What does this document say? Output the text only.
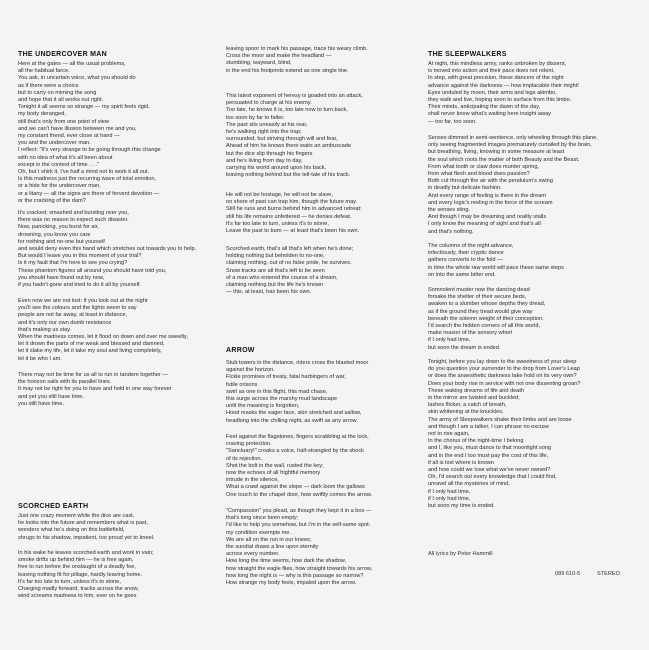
THE UNDERCOVER MAN
Here at the gates — all the usual problems,
all the habitual farce.
You ask, in uncertain voice, what you should do
as if there were a choice
but to carry on miming the song
and hope that it all works out right.
Tonight it all seems so strange — my spirit feels rigid,
my body deranged,
still that's only from one point of view
and we can't have illusion between me and you,
my constant friend, ever close at hand —
you and the undercover man.
I reflect: "It's very strange to be going through this change
with no idea of what it's all been about
except in the context of time . . ."
Oh, but I shirk it, I've half a mind not to work it all out.
Is this madness just the recurring wave of total emotion,
or a hide for the undercover man,
or a litany — all the signs are there of fervent devotion —
or the cracking of the dam?
It's cracked; smashed and bursting over you,
there was no reason to expect such disaster.
Now, panicking, you burst for air,
drowning, you know you care
for nothing and no-one but yourself
and would deny even this hand which stretches out towards you to help.
But would I leave you in this moment of your trial?
Is it my fault that I'm here to see you crying?
These phantom figures all around you should have told you,
you should have found out by now,
if you hadn't gone and tried to do it all by yourself.
Even now we are not lost: if you look out at the night
you'll see the colours and the lights seem to say
people are not far away, at least in distance,
and it's only our own dumb resistance
that's making us stay.
When the madness comes, let it flood on down and over me sweetly,
let it drown the parts of me weak and blessed and damned,
let it slake my life, let it take my soul and living completely,
let it be who I am.
There may not be time for us all to run in tandem together —
the horizon sails with its parallel lines.
It may not be right for you to have and hold in one way forever
and yet you still have time,
you still have time.
SCORCHED EARTH
Just one crazy moment while the dice are cast,
he looks into the future and remembers what is past,
wonders what he's doing on this battlefield,
shrugs to his shadow, impatient, too proud yet to kneel.
In his wake he leaves scorched earth and work in vain;
smoke drifts up behind him — he is free again,
free to run before the onslaught of a deadly foe,
leaving nothing fit for pillage, hardly leaving home.
It's far too late to turn, unless it's to stone,
Charging madly forward, tracks across the snow,
wind screams madness to him, ever on he goes
leaving spoor to mark his passage, trace his weary climb.
Cross the moor and make the headland —
stumbling, wayward, blind,
in the end his footprints extend as one single line.
This latest exponent of heresy is goaded into an attack,
persuaded to charge at his enemy.
Too late, he knows it is, too late now to turn back,
too soon by far to falter.
The past sits uneasily at his rear,
he's walking right into the trap;
surrounded, but striving through will and fear,
Ahead of him he knows there waits an ambuscade
but the dice slip through his fingers
and he's living from day to day,
carrying his world around upon his back,
leaving nothing behind but the tell-tale of his track.
He will not be hostage, he will not be slave,
no shore of past can trap him, though the future may.
Still he runs and burns behind him in advanced retreat:
still his life remains unfettered — he denies defeat.
It's far too late to turn, unless it's to stone,
Leave the past to burn — at least that's been his own.
Scorched earth, that's all that's left when he's done;
holding nothing but beholden to no-one,
claiming nothing, out of no false pride, he survives.
Snow tracks are all that's left to be seen
of a man who entered the course of a dream,
claiming nothing but the life he's known
— this, at least, has been his own.
ARROW
Stub towers in the distance, riders cross the blasted moor
against the horizon.
Fickle promises of treaty, fatal harbingers of war,
futile orisons
swirl as one in this flight, this mad chase,
this surge across the marshy mud landscape
until the meaning is forgotten,
Hood masks the eager face, skin stretched and sallow,
headlong into the chilling night, as swift as any arrow.
Feet against the flagstones, fingers scrabbling at the lock,
craving protection.
"Sanctuary!" croaks a voice, half-strangled by the shock
of its rejection.
Shot the bolt in the wall, rusted the key;
now the echoes of all frightful memory
intrude in the silence,
What a crawl against the slope — dark loom the gallows
One touch to the chapel door, how swiftly comes the arrow.
"Compassion" you plead, as though they kept it in a box —
that's long since been empty;
I'd like to help you somehow, but I'm in the self-same spot:
my condition exempts me.
We are all on the run in our knees;
the sundial draws a line upon eternity
across every number.
How long the time seems, how dark the shadow,
how straight the eagle flies, how straight towards his arrow,
how long the night is — why is this passage so narrow?
How strange my body feels, impaled upon the arrow.
THE SLEEPWALKERS
At night, this mindless army, ranks unbroken by dissent,
is moved into action and their pace does not relent.
In step, with great precision, these dancers of the night
advance against the darkness — how implacable their might!
Eyes unduled by moon, their arms and legs akimbo,
they walk and live, hoping soon to surface from this limbo.
Their minds, anticipating the dawn of the day,
shall never know what's waiting here insight away
— too far, too soon.
Senses dimmed in semi-sentience, only wheeling through this plane,
only seeing fragmented images prematurely curtailed by the brain,
but breathing, living, knowing in some measure at least
the soul which roots the matter of both Beauty and the Beast.
From what tooth or claw does murder spring,
from what flesh and blood does passion?
Both cut through the air with the pendulum's swing
in deadly but delicate fashion.
And every range of feeling is there in the dream
and every logic's reeling in the force of the scream
the senses sting.
And though I may be dreaming and reality stalls
I only know the meaning of sight and that's all
and that's nothing.
The columns of the night advance,
infectiously, their cryptic dance
gathers converts to the fold —
in time the whole raw world will pace these same steps
on into the same bitter end.
Somnolent muster now the dancing dead
forsake the shelter of their secure beds,
awaken to a slumber whose depths they dread,
as if the ground they tread would give way
beneath the solemn weight of their conception.
I'd search the hidden corners of all this world,
make reason of the sensory whorl
if I only had time,
but soon the dream is ended.
Tonight, before you lay down to the sweetness of your sleep
do you question your surrender to the drop from Lover's Leap
or does the anaesthetic darkness take hold on its very own?
Does your body rise in service with not one dissenting groan?
These waking dreams of life and death
in the mirror are twisted and buckled;
lashes flicker, a catch of breath,
skin whitening at the knuckles.
The army of Sleepwalkers shake their limbs and are loose
and though I am a talker, I can phrase no excuse
not to rise again,
In the chorus of the night-time I belong
and I, like you, must dance to that moonlight song
and in the end I too must pay the cost of this life,
if all is lost where is known
and how could we lose what we've never owned?
Oh, I'd search out every knowledge that I could find,
unravel all the mysteries of mind,
if I only had time,
if I only had time,
but soon my time is ended.
All lyrics by Peter Hammill
089 610-5	STEREO
